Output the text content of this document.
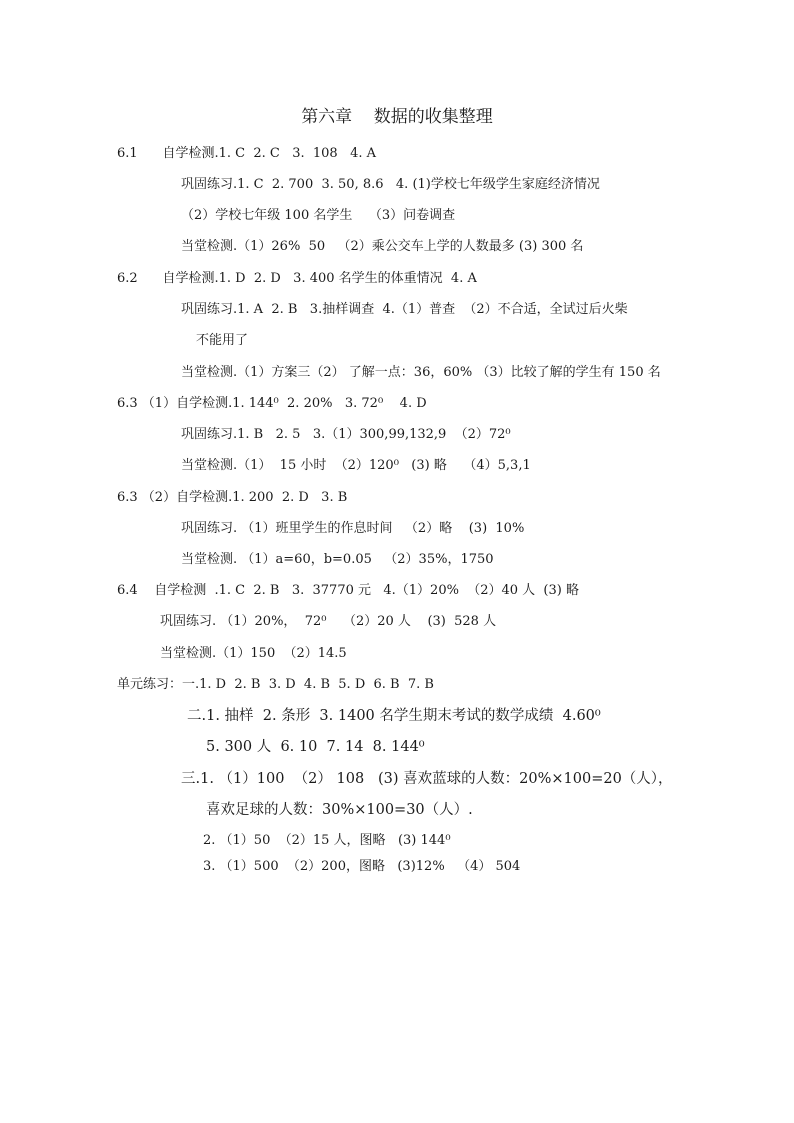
第六章    数据的收集整理
6.1      自学检测.1. C  2. C   3.  108   4. A
巩固练习.1. C  2. 700  3. 50, 8.6   4. (1)学校七年级学生家庭经济情况
（2）学校七年级 100 名学生    （3）问卷调查
当堂检测.（1）26%  50   （2）乘公交车上学的人数最多 (3) 300 名
6.2      自学检测.1. D  2. D   3. 400 名学生的体重情况  4. A
巩固练习.1. A  2. B   3.抽样调查  4.（1）普查  （2）不合适，全试过后火柴
不能用了
当堂检测.（1）方案三（2） 了解一点：36，60% （3）比较了解的学生有 150 名
6.3 （1）自学检测.1. 144⁰  2. 20%   3. 72⁰    4. D
巩固练习.1. B   2. 5   3.（1）300,99,132,9  （2）72⁰
当堂检测.（1）  15 小时  （2）120⁰   (3) 略    （4）5,3,1
6.3 （2）自学检测.1. 200  2. D   3. B
巩固练习. （1）班里学生的作息时间   （2）略    (3)  10%
当堂检测. （1）a=60，b=0.05   （2）35%，1750
6.4    自学检测  .1. C  2. B   3.  37770 元   4.（1）20%  （2）40 人  (3) 略
巩固练习. （1）20%，  72⁰    （2）20 人    (3)  528 人
当堂检测.（1）150  （2）14.5
单元练习：一.1. D  2. B  3. D  4. B  5. D  6. B  7. B
二.1. 抽样  2. 条形  3. 1400 名学生期末考试的数学成绩  4.60⁰
5. 300 人  6. 10  7. 14  8. 144⁰
三.1. （1）100  （2） 108   (3) 喜欢蓝球的人数：20%×100=20（人），
喜欢足球的人数：30%×100=30（人）.
2. （1）50  （2）15 人，图略   (3) 144⁰
3. （1）500  （2）200，图略   (3)12%   （4） 504
